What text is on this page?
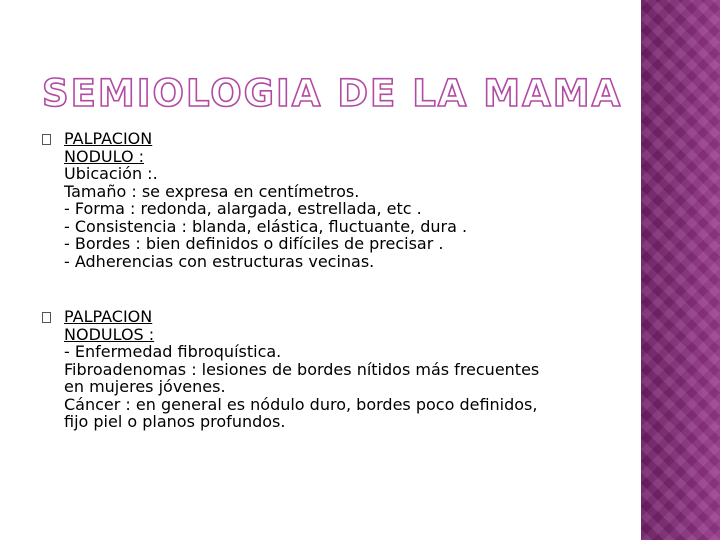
SEMIOLOGIA DE LA MAMA
PALPACION
NODULO :
Ubicación :.
Tamaño : se expresa en centímetros.
- Forma : redonda, alargada, estrellada, etc .
- Consistencia : blanda, elástica, fluctuante, dura .
- Bordes : bien definidos o difíciles de precisar .
- Adherencias con estructuras vecinas.
PALPACION
NODULOS :
- Enfermedad fibroquística.
Fibroadenomas : lesiones de bordes nítidos más frecuentes
en mujeres jóvenes.
Cáncer : en general es nódulo duro, bordes poco definidos,
fijo piel o planos profundos.
